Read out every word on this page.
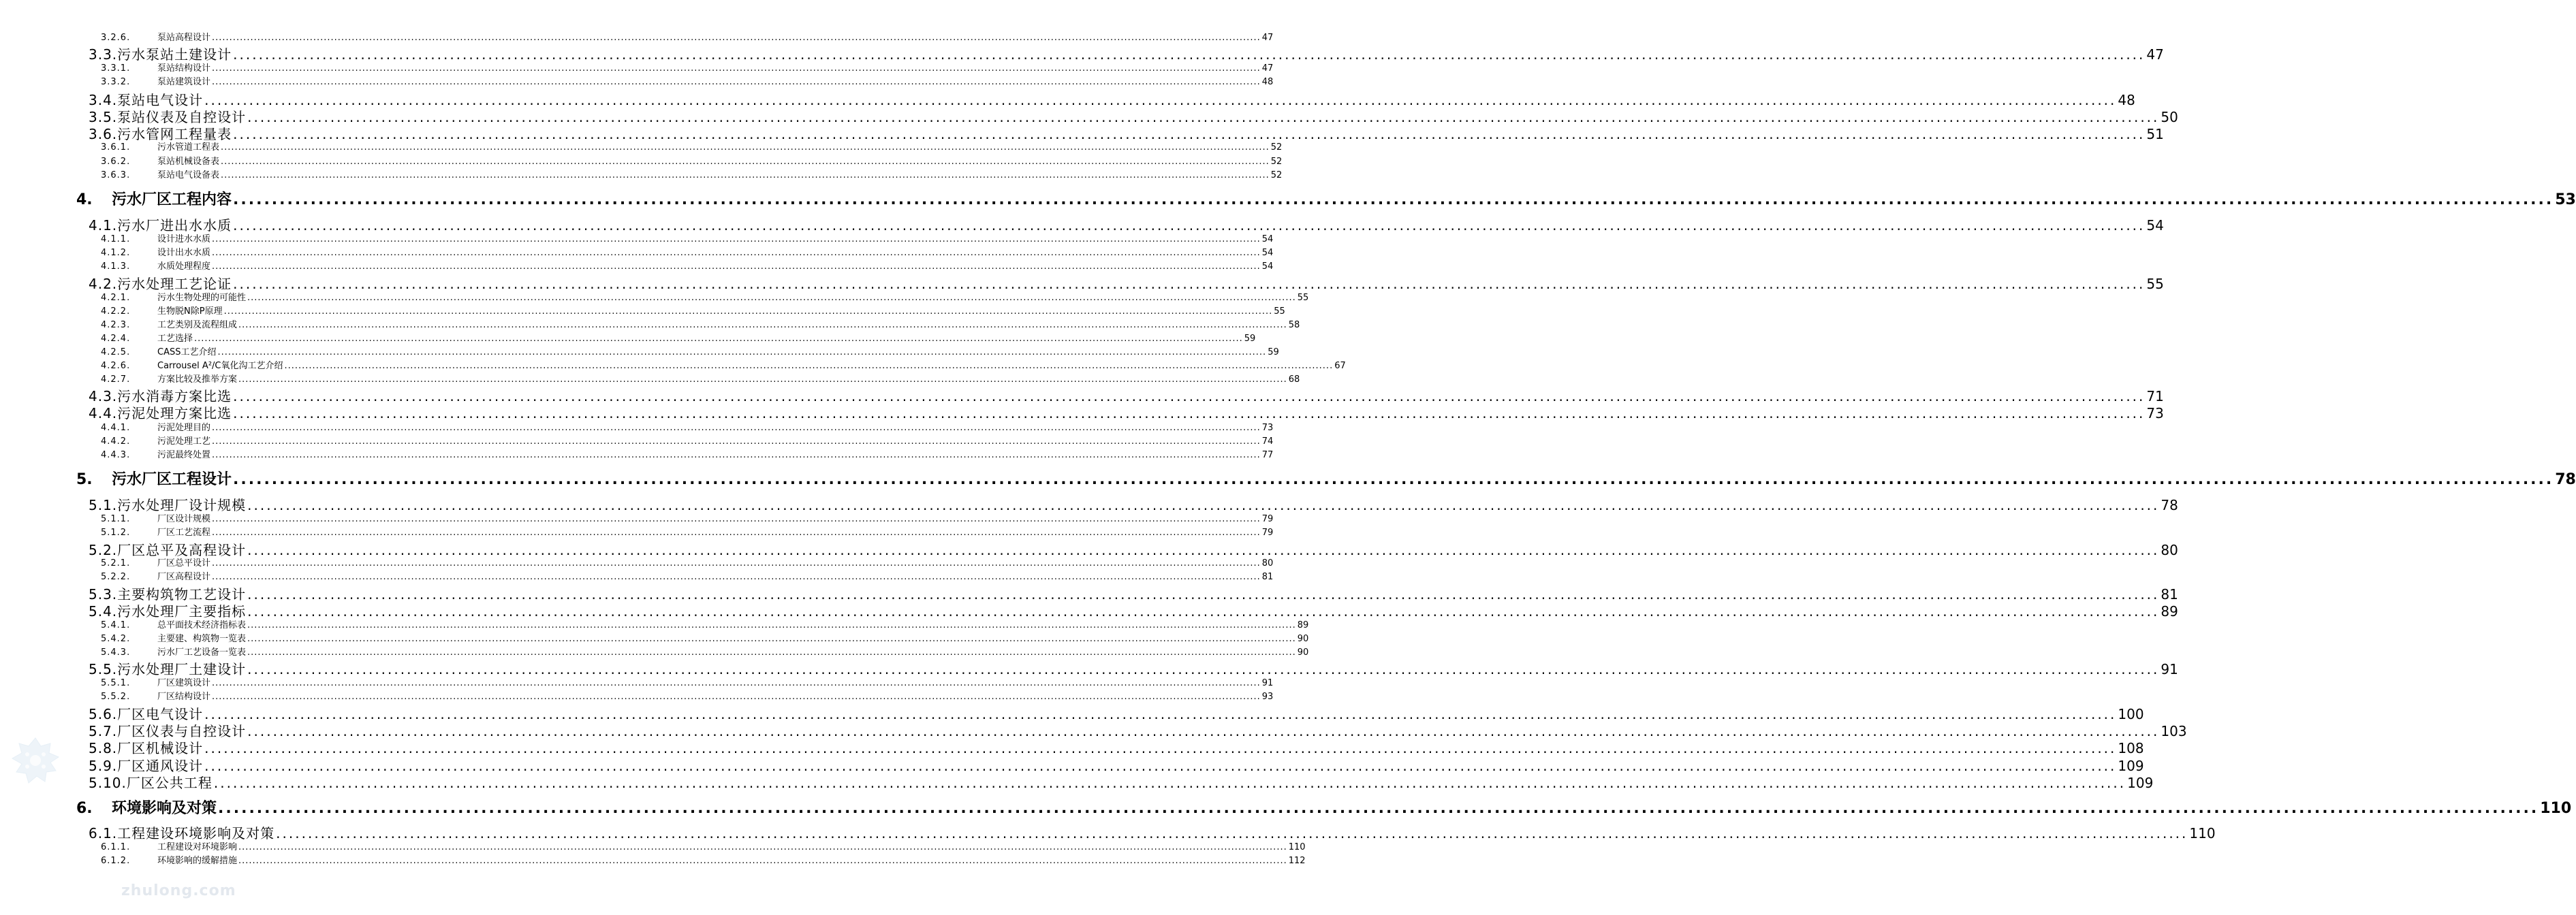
3.2.6.	泵站高程设计 ............................................................................................................................................................................................................................................................................................................ 47
3.3. 污水泵站土建设计 ............................................................................................................................................................................................................................................................................................................ 47
3.3.1.	泵站结构设计 ............................................................................................................................................................................................................................................................................................................ 47
3.3.2.	泵站建筑设计 ............................................................................................................................................................................................................................................................................................................ 48
3.4. 泵站电气设计 ............................................................................................................................................................................................................................................................................................................ 48
3.5. 泵站仪表及自控设计 ............................................................................................................................................................................................................................................................................................................ 50
3.6. 污水管网工程量表 ............................................................................................................................................................................................................................................................................................................ 51
3.6.1.	污水管道工程表 ............................................................................................................................................................................................................................................................................................................ 52
3.6.2.	泵站机械设备表 ............................................................................................................................................................................................................................................................................................................ 52
3.6.3.	泵站电气设备表 ............................................................................................................................................................................................................................................................................................................ 52
4.	污水厂区工程内容 ............................................................................................................................................................................................................................................................................................................ 53
4.1. 污水厂进出水水质 ............................................................................................................................................................................................................................................................................................................ 54
4.1.1.	设计进水水质 ............................................................................................................................................................................................................................................................................................................ 54
4.1.2.	设计出水水质 ............................................................................................................................................................................................................................................................................................................ 54
4.1.3.	水质处理程度 ............................................................................................................................................................................................................................................................................................................ 54
4.2. 污水处理工艺论证 ............................................................................................................................................................................................................................................................................................................ 55
4.2.1.	污水生物处理的可能性 ............................................................................................................................................................................................................................................................................................................ 55
4.2.2.	生物脱N除P原理 ............................................................................................................................................................................................................................................................................................................ 55
4.2.3.	工艺类别及流程组成 ............................................................................................................................................................................................................................................................................................................ 58
4.2.4.	工艺选择 ............................................................................................................................................................................................................................................................................................................ 59
4.2.5.	CASS工艺介绍 ............................................................................................................................................................................................................................................................................................................ 59
4.2.6.	Carrousel A²/C氧化沟工艺介绍 ............................................................................................................................................................................................................................................................................................................ 67
4.2.7.	方案比较及推举方案 ............................................................................................................................................................................................................................................................................................................ 68
4.3. 污水消毒方案比选 ............................................................................................................................................................................................................................................................................................................ 71
4.4. 污泥处理方案比选 ............................................................................................................................................................................................................................................................................................................ 73
4.4.1.	污泥处理目的 ............................................................................................................................................................................................................................................................................................................ 73
4.4.2.	污泥处理工艺 ............................................................................................................................................................................................................................................................................................................ 74
4.4.3.	污泥最终处置 ............................................................................................................................................................................................................................................................................................................ 77
5.	污水厂区工程设计 ............................................................................................................................................................................................................................................................................................................ 78
5.1. 污水处理厂设计规模 ............................................................................................................................................................................................................................................................................................................ 78
5.1.1.	厂区设计规模 ............................................................................................................................................................................................................................................................................................................ 79
5.1.2.	厂区工艺流程 ............................................................................................................................................................................................................................................................................................................ 79
5.2. 厂区总平及高程设计 ............................................................................................................................................................................................................................................................................................................ 80
5.2.1.	厂区总平设计 ............................................................................................................................................................................................................................................................................................................ 80
5.2.2.	厂区高程设计 ............................................................................................................................................................................................................................................................................................................ 81
5.3. 主要构筑物工艺设计 ............................................................................................................................................................................................................................................................................................................ 81
5.4. 污水处理厂主要指标 ............................................................................................................................................................................................................................................................................................................ 89
5.4.1.	总平面技术经济指标表 ............................................................................................................................................................................................................................................................................................................ 89
5.4.2.	主要建、构筑物一览表 ............................................................................................................................................................................................................................................................................................................ 90
5.4.3.	污水厂工艺设备一览表 ............................................................................................................................................................................................................................................................................................................ 90
5.5. 污水处理厂土建设计 ............................................................................................................................................................................................................................................................................................................ 91
5.5.1.	厂区建筑设计 ............................................................................................................................................................................................................................................................................................................ 91
5.5.2.	厂区结构设计 ............................................................................................................................................................................................................................................................................................................ 93
5.6. 厂区电气设计 ............................................................................................................................................................................................................................................................................................................ 100
5.7. 厂区仪表与自控设计 ............................................................................................................................................................................................................................................................................................................ 103
5.8. 厂区机械设计 ............................................................................................................................................................................................................................................................................................................ 108
5.9. 厂区通风设计 ............................................................................................................................................................................................................................................................................................................ 109
5.10. 厂区公共工程 ............................................................................................................................................................................................................................................................................................................ 109
6.	环境影响及对策 ............................................................................................................................................................................................................................................................................................................ 110
6.1. 工程建设环境影响及对策 ............................................................................................................................................................................................................................................................................................................ 110
6.1.1.	工程建设对环境影响 ............................................................................................................................................................................................................................................................................................................ 110
6.1.2.	环境影响的缓解措施 ............................................................................................................................................................................................................................................................................................................ 112
zhulong.com
